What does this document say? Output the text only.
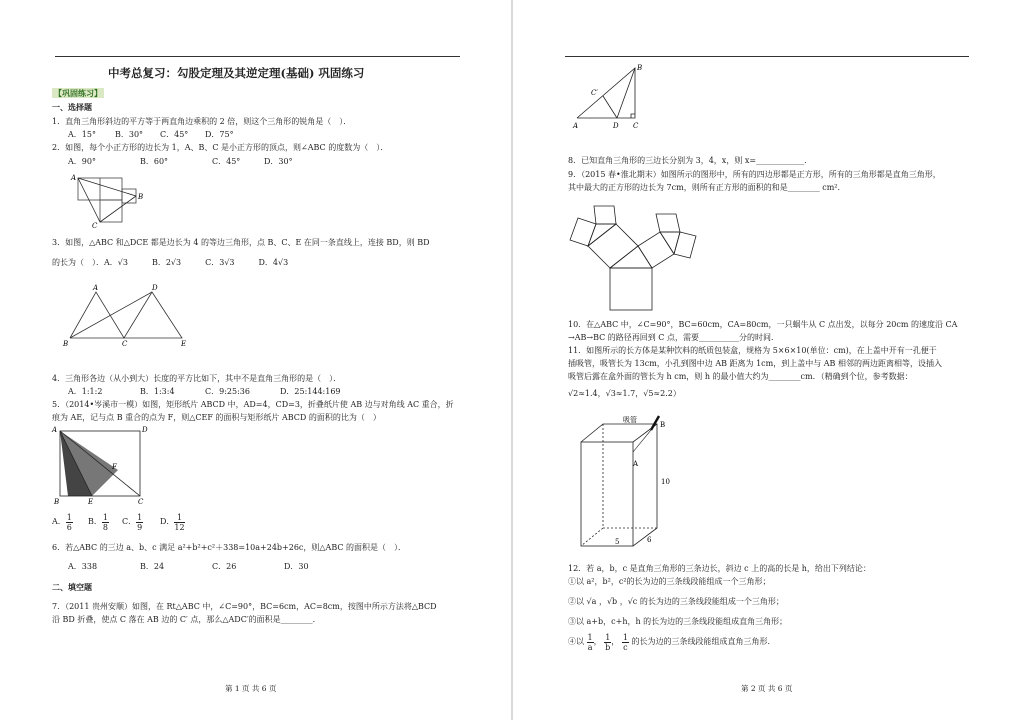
中考总复习：勾股定理及其逆定理(基础) 巩固练习
【巩固练习】
一、选择题
1．直角三角形斜边的平方等于两直角边乘积的 2 倍，则这个三角形的锐角是（　）．
A．15° B．30° C．45° D．75°
2．如图，每个小正方形的边长为 1，A、B、C 是小正方形的顶点，则∠ABC 的度数为（　）．
A．90°	B．60°	C．45°	D．30°
A
B
C
3．如图，△ABC 和△DCE 都是边长为 4 的等边三角形，点 B、C、E 在同一条直线上，连接 BD，则 BD
的长为（　）．A．√3　　　B．2√3　　　C．3√3　　　D．4√3
A	D
B	C	E
4．三角形各边（从小到大）长度的平方比如下，其中不是直角三角形的是（　）．
A．1:1:2	B．1:3:4	C．9:25:36	D．25:144:169
5．（2014•岑溪市一模）如图，矩形纸片 ABCD 中，AD=4，CD=3，折叠纸片使 AB 边与对角线 AC 重合，折
痕为 AE，记与点 B 重合的点为 F，则△CEF 的面积与矩形纸片 ABCD 的面积的比为（　）
A	D
B	E	C
F
A． $\frac{1}{6}$ B． $\frac{1}{8}$ C． $\frac{1}{9}$ D． $\frac{1}{12}$
6．若△ABC 的三边 a、b、c 满足 a²+b²+c²＋338=10a+24b+26c，则△ABC 的面积是（　）．
A．338	B．24	C．26	D．30
二、填空题
7．（2011 贵州安顺）如图，在 Rt△ABC 中，∠C=90°，BC=6cm，AC=8cm，按图中所示方法将△BCD
沿 BD 折叠，使点 C 落在 AB 边的 C′ 点，那么△ADC′的面积是________．
第 1 页 共 6 页
B
C′
A	D C
8．已知直角三角形的三边长分别为 3，4，x，则 x=____________．
9．（2015 春•淮北期末）如图所示的图形中，所有的四边形都是正方形，所有的三角形都是直角三角形，
其中最大的正方形的边长为 7cm，则所有正方形的面积的和是________ cm²．
10．在△ABC 中，∠C=90°，BC=60cm，CA=80cm，一只蜗牛从 C 点出发，以每分 20cm 的速度沿 CA
→AB→BC 的路径再回到 C 点，需要__________分的时间．
11．如图所示的长方体是某种饮料的纸质包装盒，规格为 5×6×10(单位：cm)，在上盖中开有一孔便于
插吸管，吸管长为 13cm，小孔到图中边 AB 距离为 1cm，到上盖中与 AB 相邻的两边距离相等，设插入
吸管后露在盒外面的管长为 h cm，则 h 的最小值大约为________cm．（精确到个位，参考数据：
√2≈1.4，√3≈1.7，√5≈2.2）
吸管
B
A
10
5	6
12．若 a，b，c 是直角三角形的三条边长，斜边 c 上的高的长是 h，给出下列结论：
①以 a²，b²，c²的长为边的三条线段能组成一个三角形；
②以 √a ，√b ，√c 的长为边的三条线段能组成一个三角形；
③以 a+b，c+h，h 的长为边的三条线段能组成直角三角形；
④以 $\frac{1}{a}$ ， $\frac{1}{b}$ ， $\frac{1}{c}$ 的长为边的三条线段能组成直角三角形．
第 2 页 共 6 页
